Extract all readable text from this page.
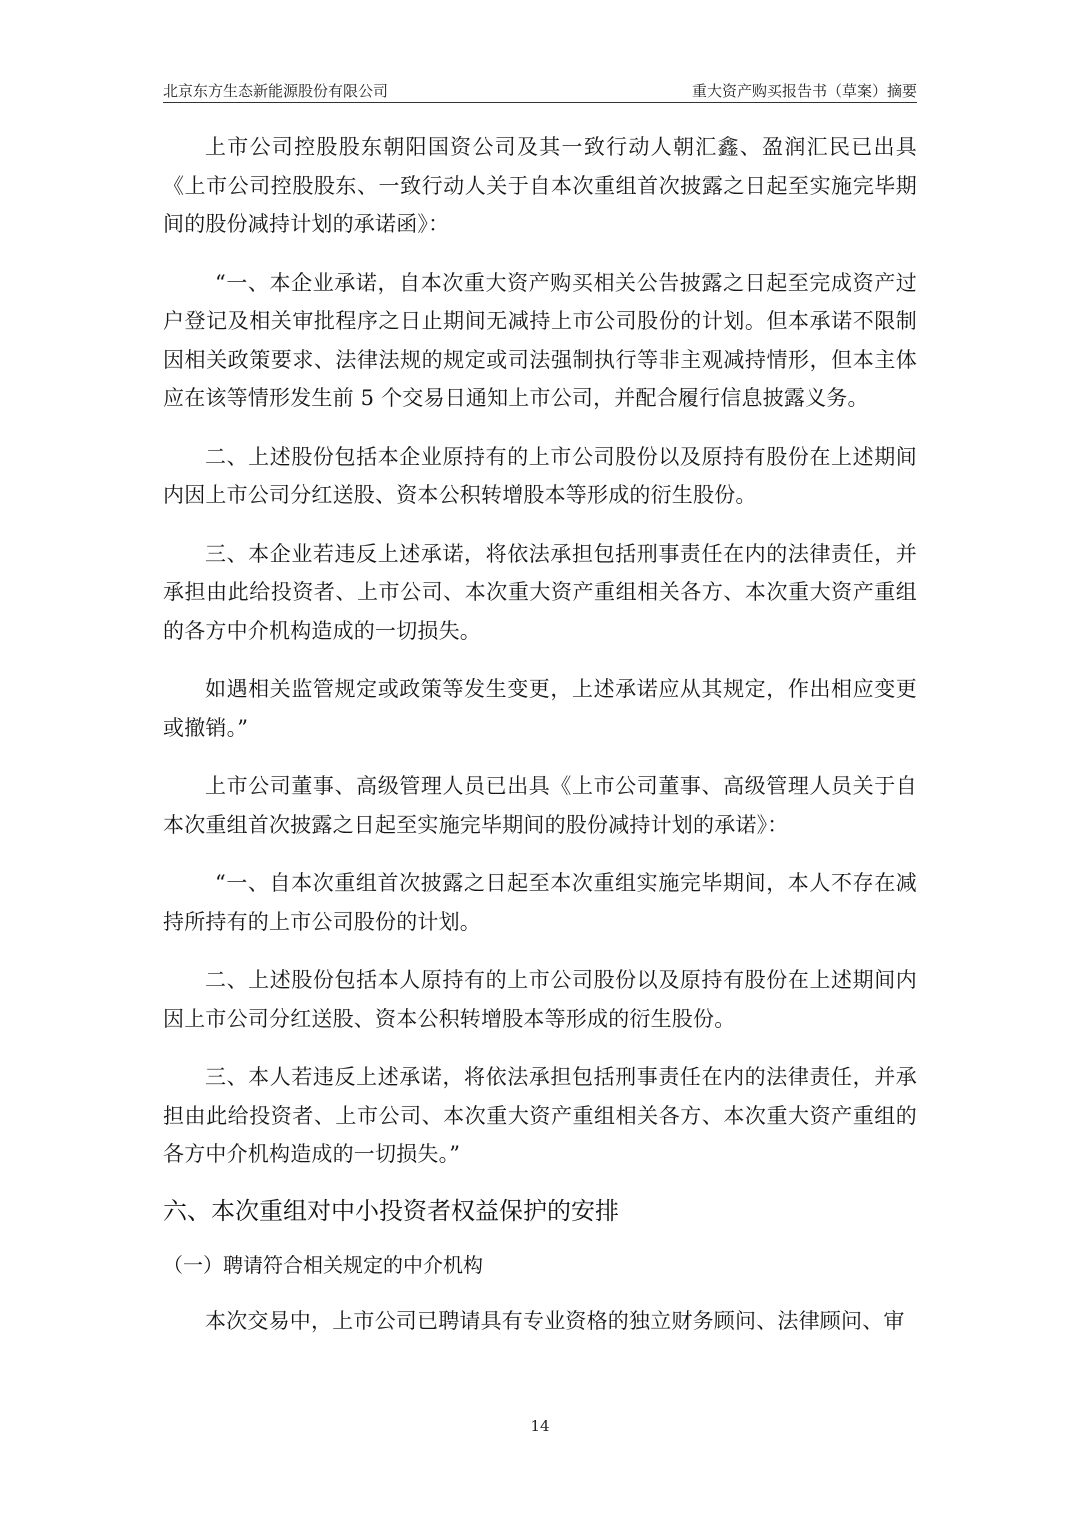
北京东方生态新能源股份有限公司	重大资产购买报告书（草案）摘要

上市公司控股股东朝阳国资公司及其一致行动人朝汇鑫、盈润汇民已出具《上市公司控股股东、一致行动人关于自本次重组首次披露之日起至实施完毕期间的股份减持计划的承诺函》：

“一、本企业承诺，自本次重大资产购买相关公告披露之日起至完成资产过户登记及相关审批程序之日止期间无减持上市公司股份的计划。但本承诺不限制因相关政策要求、法律法规的规定或司法强制执行等非主观减持情形，但本主体应在该等情形发生前 5 个交易日通知上市公司，并配合履行信息披露义务。

二、上述股份包括本企业原持有的上市公司股份以及原持有股份在上述期间内因上市公司分红送股、资本公积转增股本等形成的衍生股份。

三、本企业若违反上述承诺，将依法承担包括刑事责任在内的法律责任，并承担由此给投资者、上市公司、本次重大资产重组相关各方、本次重大资产重组的各方中介机构造成的一切损失。

如遇相关监管规定或政策等发生变更，上述承诺应从其规定，作出相应变更或撤销。”

上市公司董事、高级管理人员已出具《上市公司董事、高级管理人员关于自本次重组首次披露之日起至实施完毕期间的股份减持计划的承诺》：

“一、自本次重组首次披露之日起至本次重组实施完毕期间，本人不存在减持所持有的上市公司股份的计划。

二、上述股份包括本人原持有的上市公司股份以及原持有股份在上述期间内因上市公司分红送股、资本公积转增股本等形成的衍生股份。

三、本人若违反上述承诺，将依法承担包括刑事责任在内的法律责任，并承担由此给投资者、上市公司、本次重大资产重组相关各方、本次重大资产重组的各方中介机构造成的一切损失。”

六、本次重组对中小投资者权益保护的安排
（一）聘请符合相关规定的中介机构

本次交易中，上市公司已聘请具有专业资格的独立财务顾问、法律顾问、审

14
